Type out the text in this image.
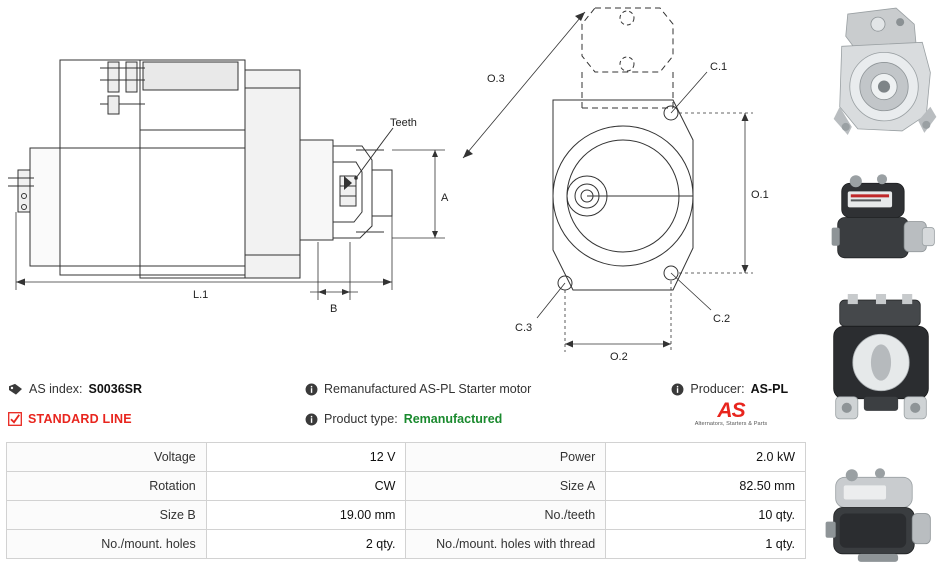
A
B
L.1
Teeth
C.1
C.2
C.3
O.3
O.1
O.2
AS index: S0036SR	Remanufactured AS-PL Starter motor	Producer: AS-PL
STANDARD LINE	Product type: Remanufactured	AS
Alternators, Starters & Parts
Voltage	12 V	Power	2.0 kW
Rotation	CW	Size A	82.50 mm
Size B	19.00 mm	No./teeth	10 qty.
No./mount. holes	2 qty.	No./mount. holes with thread	1 qty.
